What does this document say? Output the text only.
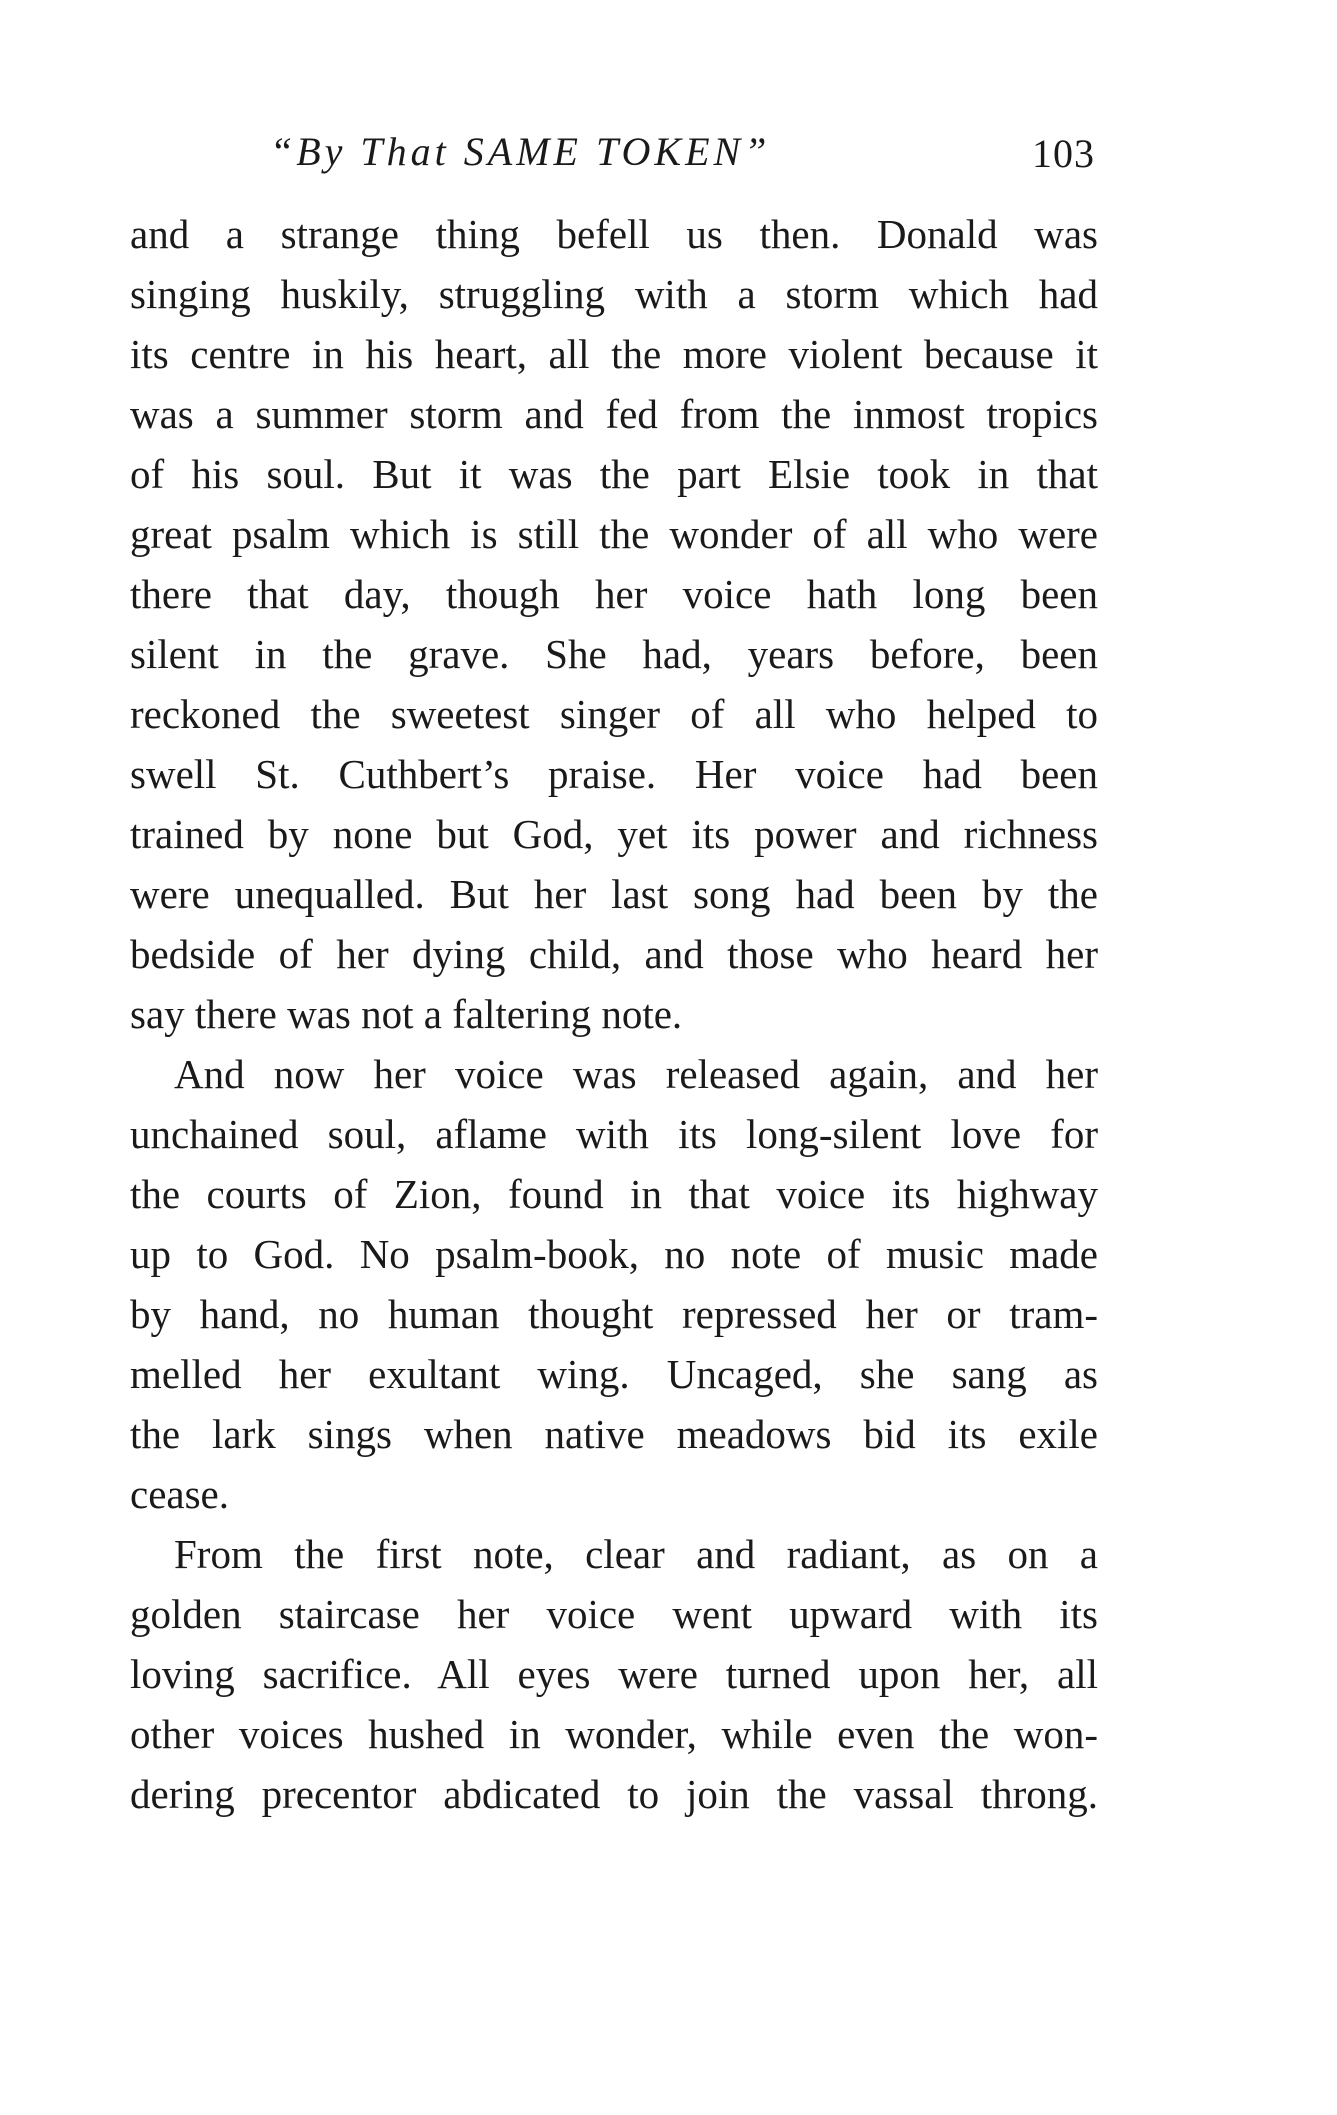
“By That SAME TOKEN”	103

and a strange thing befell us then. Donald was
singing huskily, struggling with a storm which had
its centre in his heart, all the more violent because it
was a summer storm and fed from the inmost tropics
of his soul. But it was the part Elsie took in that
great psalm which is still the wonder of all who were
there that day, though her voice hath long been
silent in the grave. She had, years before, been
reckoned the sweetest singer of all who helped to
swell St. Cuthbert’s praise. Her voice had been
trained by none but God, yet its power and richness
were unequalled. But her last song had been by the
bedside of her dying child, and those who heard her
say there was not a faltering note.

And now her voice was released again, and her
unchained soul, aflame with its long-silent love for
the courts of Zion, found in that voice its highway
up to God. No psalm-book, no note of music made
by hand, no human thought repressed her or tram-
melled her exultant wing. Uncaged, she sang as
the lark sings when native meadows bid its exile
cease.

From the first note, clear and radiant, as on a
golden staircase her voice went upward with its
loving sacrifice. All eyes were turned upon her, all
other voices hushed in wonder, while even the won-
dering precentor abdicated to join the vassal throng.
